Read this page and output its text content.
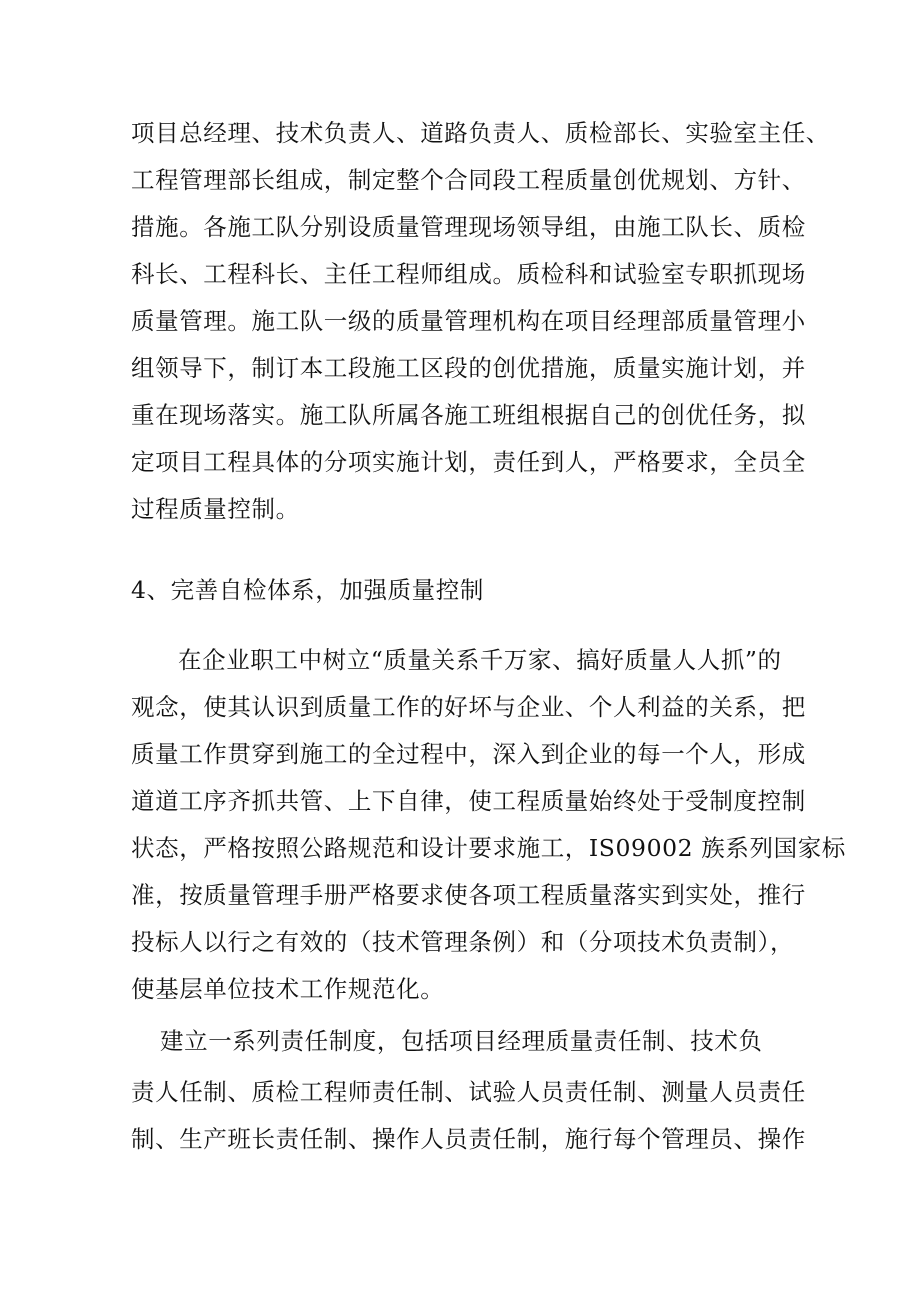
项目总经理、技术负责人、道路负责人、质检部长、实验室主任、
工程管理部长组成，制定整个合同段工程质量创优规划、方针、
措施。各施工队分别设质量管理现场领导组，由施工队长、质检
科长、工程科长、主任工程师组成。质检科和试验室专职抓现场
质量管理。施工队一级的质量管理机构在项目经理部质量管理小
组领导下，制订本工段施工区段的创优措施，质量实施计划，并
重在现场落实。施工队所属各施工班组根据自己的创优任务，拟
定项目工程具体的分项实施计划，责任到人，严格要求，全员全
过程质量控制。
4、完善自检体系，加强质量控制
在企业职工中树立“质量关系千万家、搞好质量人人抓”的
观念，使其认识到质量工作的好坏与企业、个人利益的关系，把
质量工作贯穿到施工的全过程中，深入到企业的每一个人，形成
道道工序齐抓共管、上下自律，使工程质量始终处于受制度控制
状态，严格按照公路规范和设计要求施工，IS09002 族系列国家标
准，按质量管理手册严格要求使各项工程质量落实到实处，推行
投标人以行之有效的（技术管理条例）和（分项技术负责制），
使基层单位技术工作规范化。
建立一系列责任制度，包括项目经理质量责任制、技术负
责人任制、质检工程师责任制、试验人员责任制、测量人员责任
制、生产班长责任制、操作人员责任制，施行每个管理员、操作
